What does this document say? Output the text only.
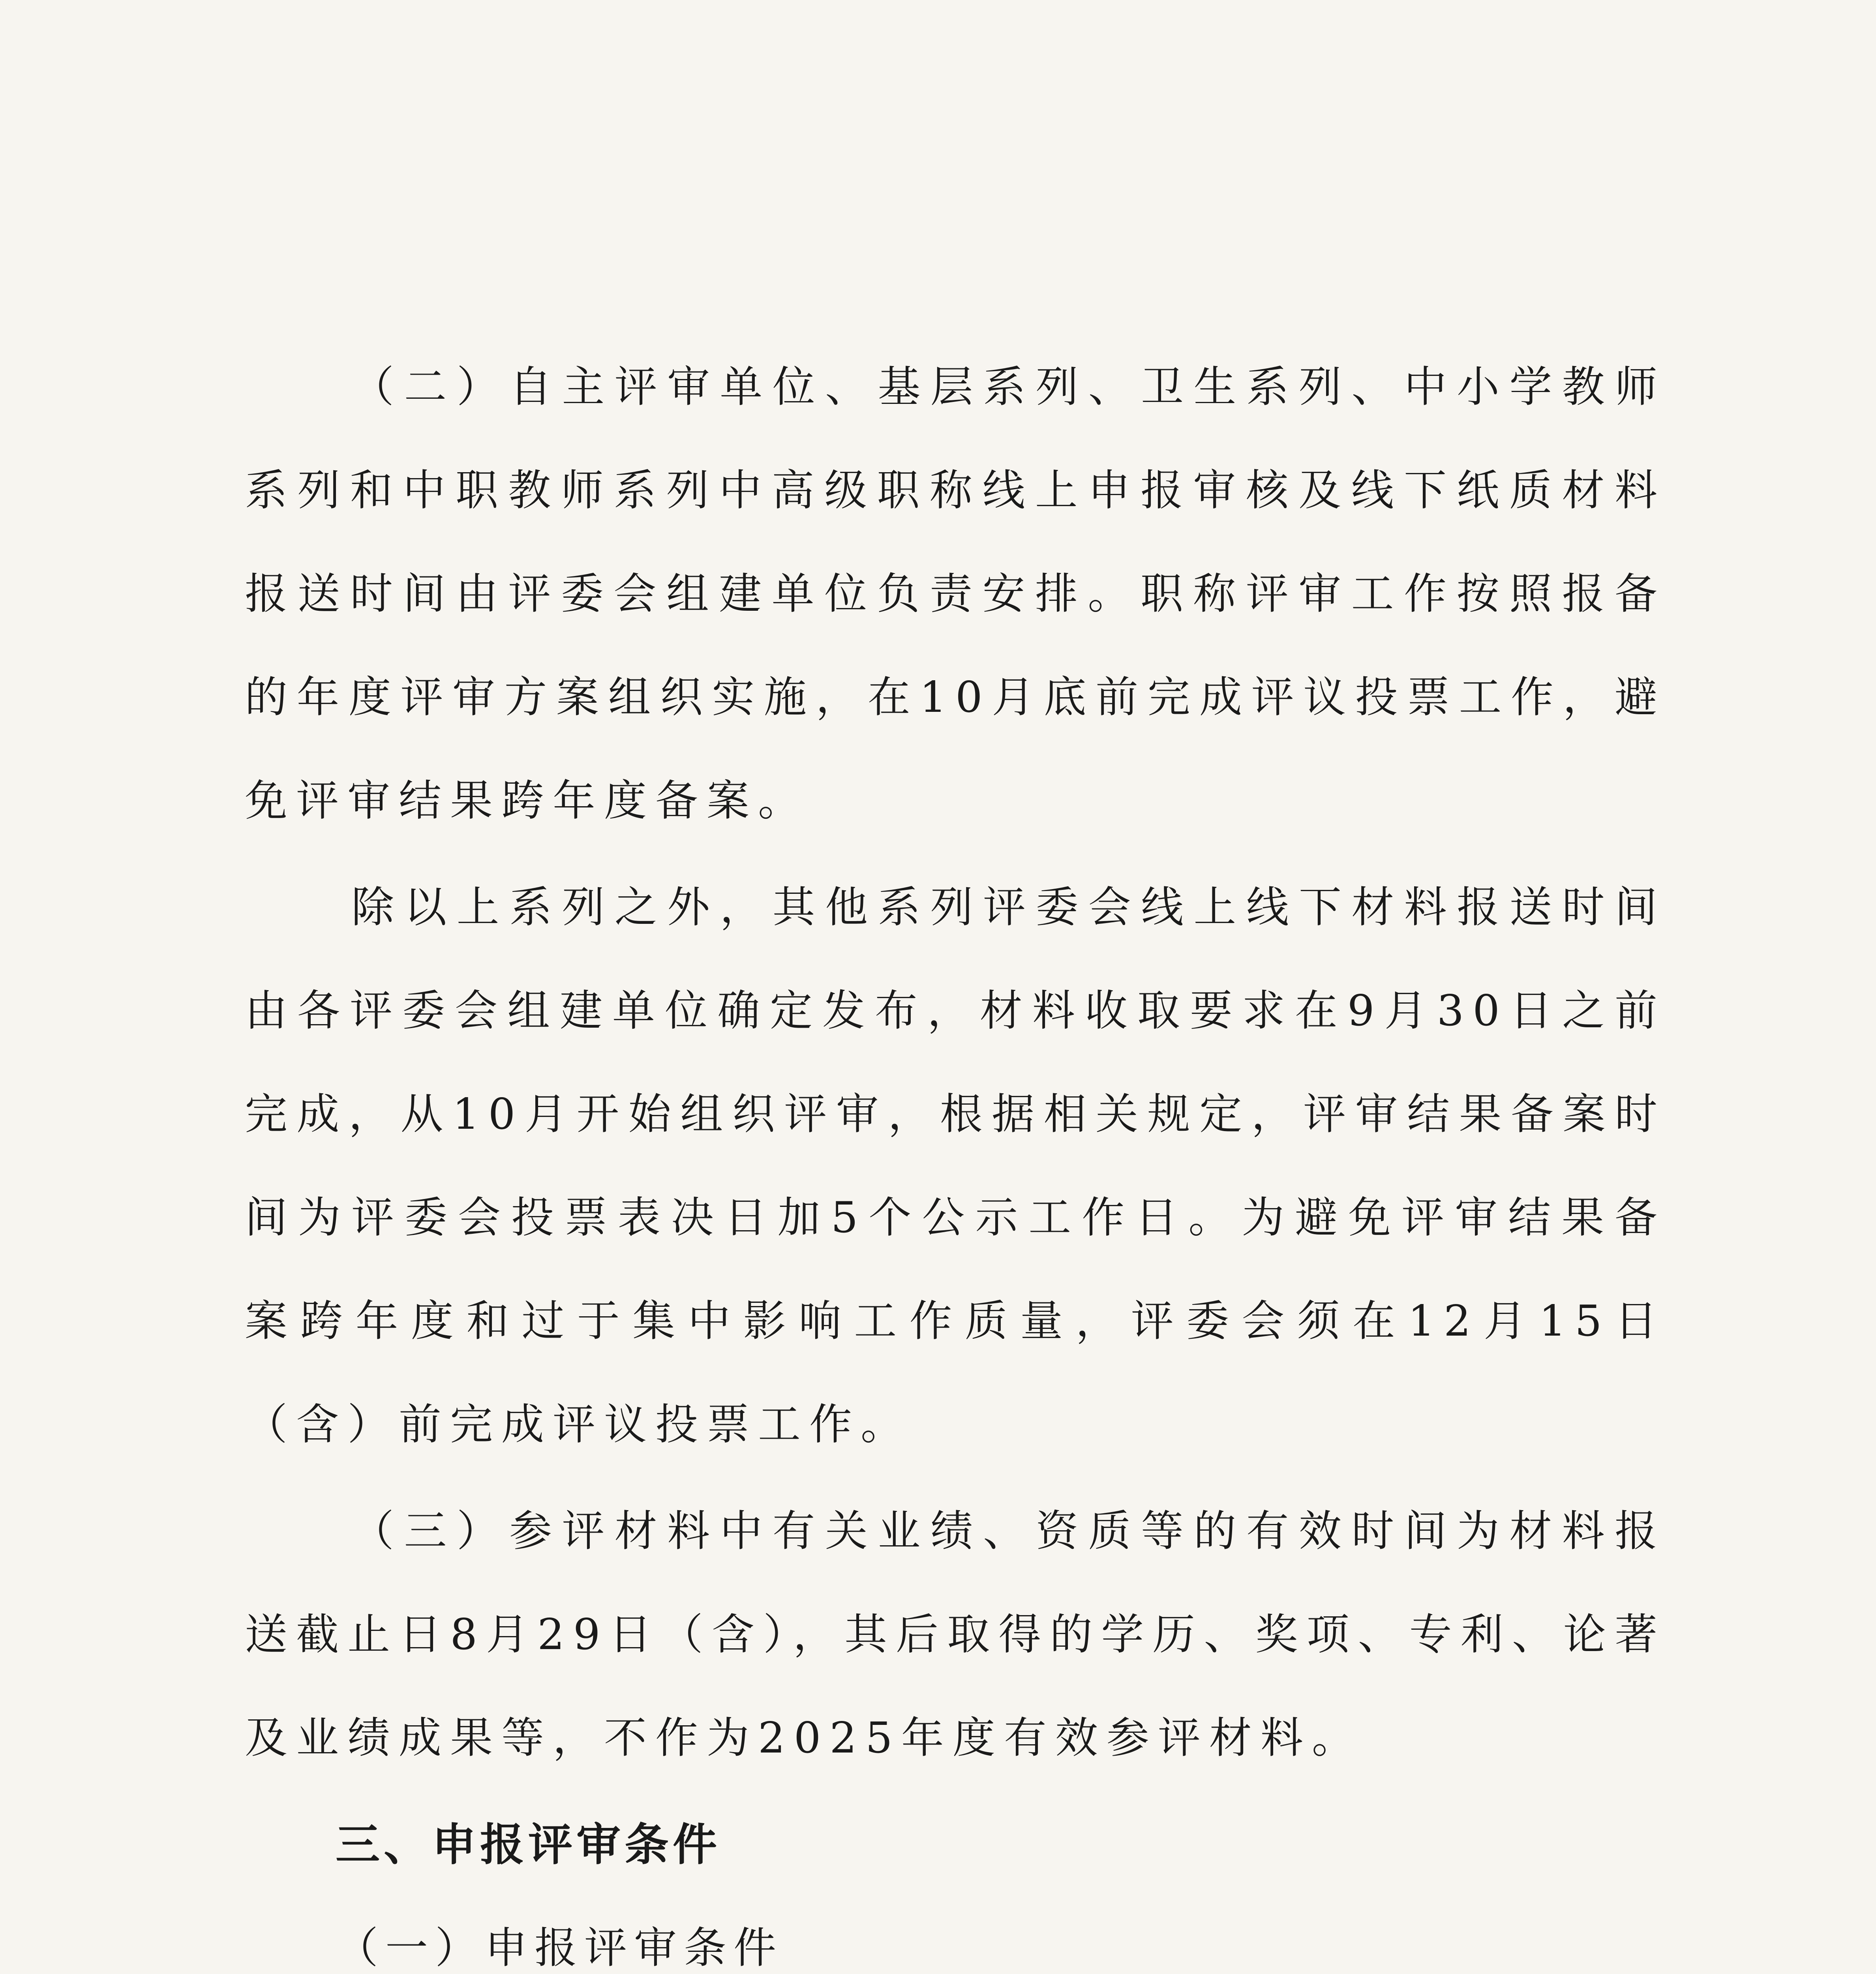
（二）自主评审单位、基层系列、卫生系列、中小学教师系列和中职教师系列中高级职称线上申报审核及线下纸质材料报送时间由评委会组建单位负责安排。职称评审工作按照报备的年度评审方案组织实施，在10月底前完成评议投票工作，避免评审结果跨年度备案。

除以上系列之外，其他系列评委会线上线下材料报送时间由各评委会组建单位确定发布，材料收取要求在9月30日之前完成，从10月开始组织评审，根据相关规定，评审结果备案时间为评委会投票表决日加5个公示工作日。为避免评审结果备案跨年度和过于集中影响工作质量，评委会须在12月15日（含）前完成评议投票工作。

（三）参评材料中有关业绩、资质等的有效时间为材料报送截止日8月29日（含），其后取得的学历、奖项、专利、论著及业绩成果等，不作为2025年度有效参评材料。

三、申报评审条件

（一）申报评审条件
